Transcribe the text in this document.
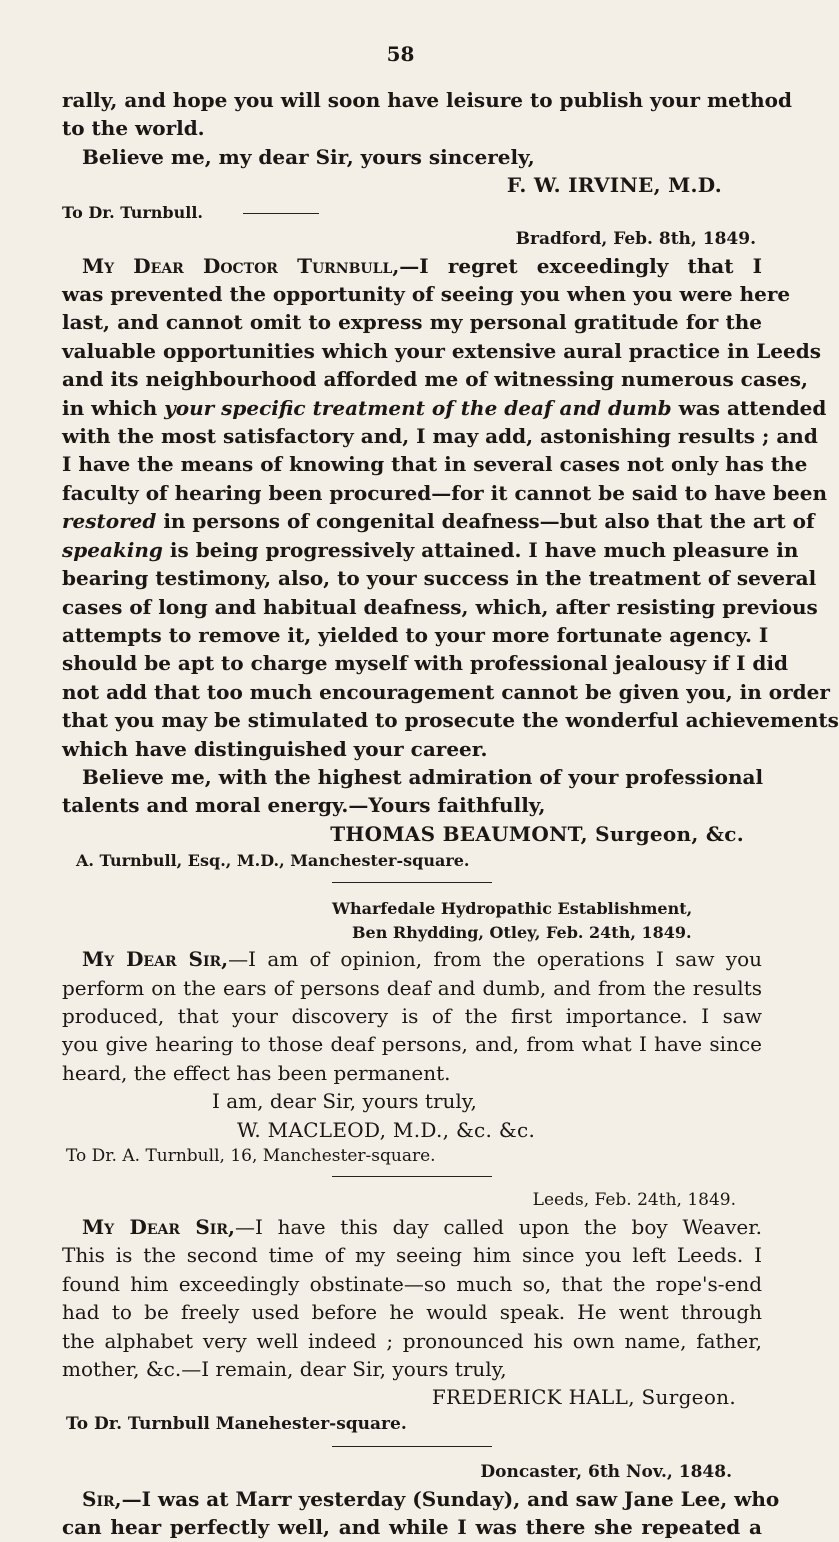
58
rally, and hope you will soon have leisure to publish your method
to the world.
Believe me, my dear Sir, yours sincerely,
F. W. IRVINE, M.D.
To Dr. Turnbull.
Bradford, Feb. 8th, 1849.
My Dear Doctor Turnbull,—I regret exceedingly that I
was prevented the opportunity of seeing you when you were here
last, and cannot omit to express my personal gratitude for the
valuable opportunities which your extensive aural practice in Leeds
and its neighbourhood afforded me of witnessing numerous cases,
in which your specific treatment of the deaf and dumb was attended
with the most satisfactory and, I may add, astonishing results ; and
I have the means of knowing that in several cases not only has the
faculty of hearing been procured—for it cannot be said to have been
restored in persons of congenital deafness—but also that the art of
speaking is being progressively attained. I have much pleasure in
bearing testimony, also, to your success in the treatment of several
cases of long and habitual deafness, which, after resisting previous
attempts to remove it, yielded to your more fortunate agency. I
should be apt to charge myself with professional jealousy if I did
not add that too much encouragement cannot be given you, in order
that you may be stimulated to prosecute the wonderful achievements
which have distinguished your career.
Believe me, with the highest admiration of your professional
talents and moral energy.—Yours faithfully,
THOMAS BEAUMONT, Surgeon, &c.
A. Turnbull, Esq., M.D., Manchester-square.
Wharfedale Hydropathic Establishment,
Ben Rhydding, Otley, Feb. 24th, 1849.
My Dear Sir,—I am of opinion, from the operations I saw you
perform on the ears of persons deaf and dumb, and from the results
produced, that your discovery is of the first importance. I saw
you give hearing to those deaf persons, and, from what I have since
heard, the effect has been permanent.
I am, dear Sir, yours truly,
W. MACLEOD, M.D., &c. &c.
To Dr. A. Turnbull, 16, Manchester-square.
Leeds, Feb. 24th, 1849.
My Dear Sir,—I have this day called upon the boy Weaver.
This is the second time of my seeing him since you left Leeds. I
found him exceedingly obstinate—so much so, that the rope's-end
had to be freely used before he would speak. He went through
the alphabet very well indeed ; pronounced his own name, father,
mother, &c.—I remain, dear Sir, yours truly,
FREDERICK HALL, Surgeon.
To Dr. Turnbull Manehester-square.
Doncaster, 6th Nov., 1848.
Sir,—I was at Marr yesterday (Sunday), and saw Jane Lee, who
can hear perfectly well, and while I was there she repeated a
